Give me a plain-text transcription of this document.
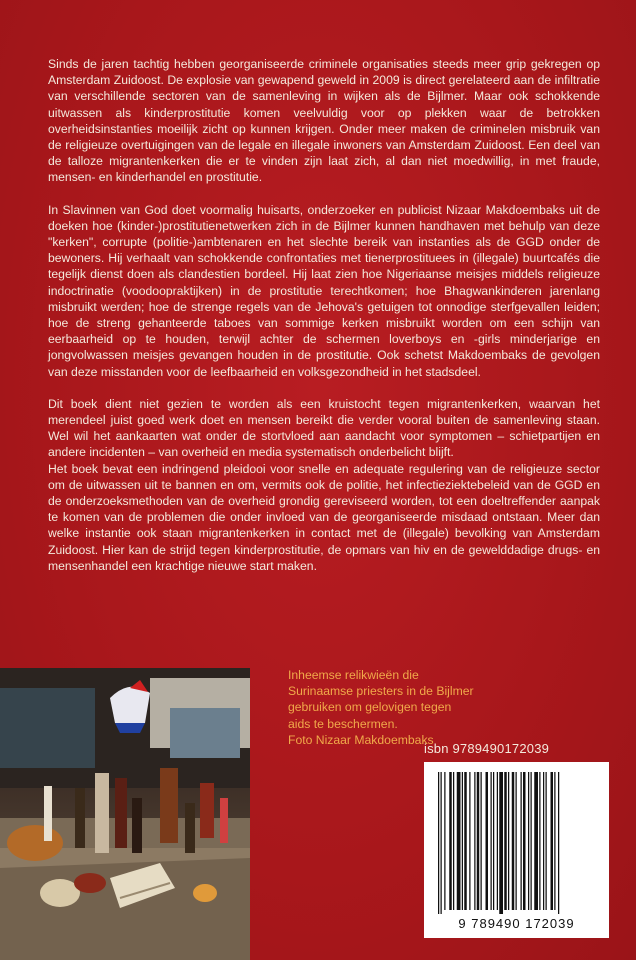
Sinds de jaren tachtig hebben georganiseerde criminele organisaties steeds meer grip gekregen op Amsterdam Zuidoost. De explosie van gewapend geweld in 2009 is direct gerelateerd aan de infiltratie van verschillende sectoren van de samenleving in wijken als de Bijlmer. Maar ook schokkende uitwassen als kinderprostitutie komen veelvuldig voor op plekken waar de betrokken overheidsinstanties moeilijk zicht op kunnen krijgen. Onder meer maken de criminelen misbruik van de religieuze overtuigingen van de legale en illegale inwoners van Amsterdam Zuidoost. Een deel van de talloze migrantenkerken die er te vinden zijn laat zich, al dan niet moedwillig, in met fraude, mensen- en kinderhandel en prostitutie.

In Slavinnen van God doet voormalig huisarts, onderzoeker en publicist Nizaar Makdoembaks uit de doeken hoe (kinder-)prostitutienetwerken zich in de Bijlmer kunnen handhaven met behulp van deze "kerken", corrupte (politie-)ambtenaren en het slechte bereik van instanties als de GGD onder de bewoners. Hij verhaalt van schokkende confrontaties met tienerprostituees in (illegale) buurtcafés die tegelijk dienst doen als clandestien bordeel. Hij laat zien hoe Nigeriaanse meisjes middels religieuze indoctrinatie (voodoopraktijken) in de prostitutie terechtkomen; hoe Bhagwankinderen jarenlang misbruikt werden; hoe de strenge regels van de Jehova's getuigen tot onnodige sterfgevallen leiden; hoe de streng gehanteerde taboes van sommige kerken misbruikt worden om een schijn van eerbaarheid op te houden, terwijl achter de schermen loverboys en -girls minderjarige en jongvolwassen meisjes gevangen houden in de prostitutie. Ook schetst Makdoembaks de gevolgen van deze misstanden voor de leefbaarheid en volksgezondheid in het stadsdeel.

Dit boek dient niet gezien te worden als een kruistocht tegen migrantenkerken, waarvan het merendeel juist goed werk doet en mensen bereikt die verder vooral buiten de samenleving staan. Wel wil het aankaarten wat onder de stortvloed aan aandacht voor symptomen – schietpartijen en andere incidenten – van overheid en media systematisch onderbelicht blijft.

Het boek bevat een indringend pleidooi voor snelle en adequate regulering van de religieuze sector om de uitwassen uit te bannen en om, vermits ook de politie, het infectieziektebeleid van de GGD en de onderzoeksmethoden van de overheid grondig gereviseerd worden, tot een doeltreffender aanpak te komen van de problemen die onder invloed van de georganiseerde misdaad ontstaan. Meer dan welke instantie ook staan migrantenkerken in contact met de (illegale) bevolking van Amsterdam Zuidoost. Hier kan de strijd tegen kinderprostitutie, de opmars van hiv en de gewelddadige drugs- en mensenhandel een krachtige nieuwe start maken.

Inheemse relikwieën die
Surinaamse priesters in de Bijlmer
gebruiken om gelovigen tegen
aids te beschermen.
Foto Nizaar Makdoembaks
isbn 9789490172039
9 789490 172039
